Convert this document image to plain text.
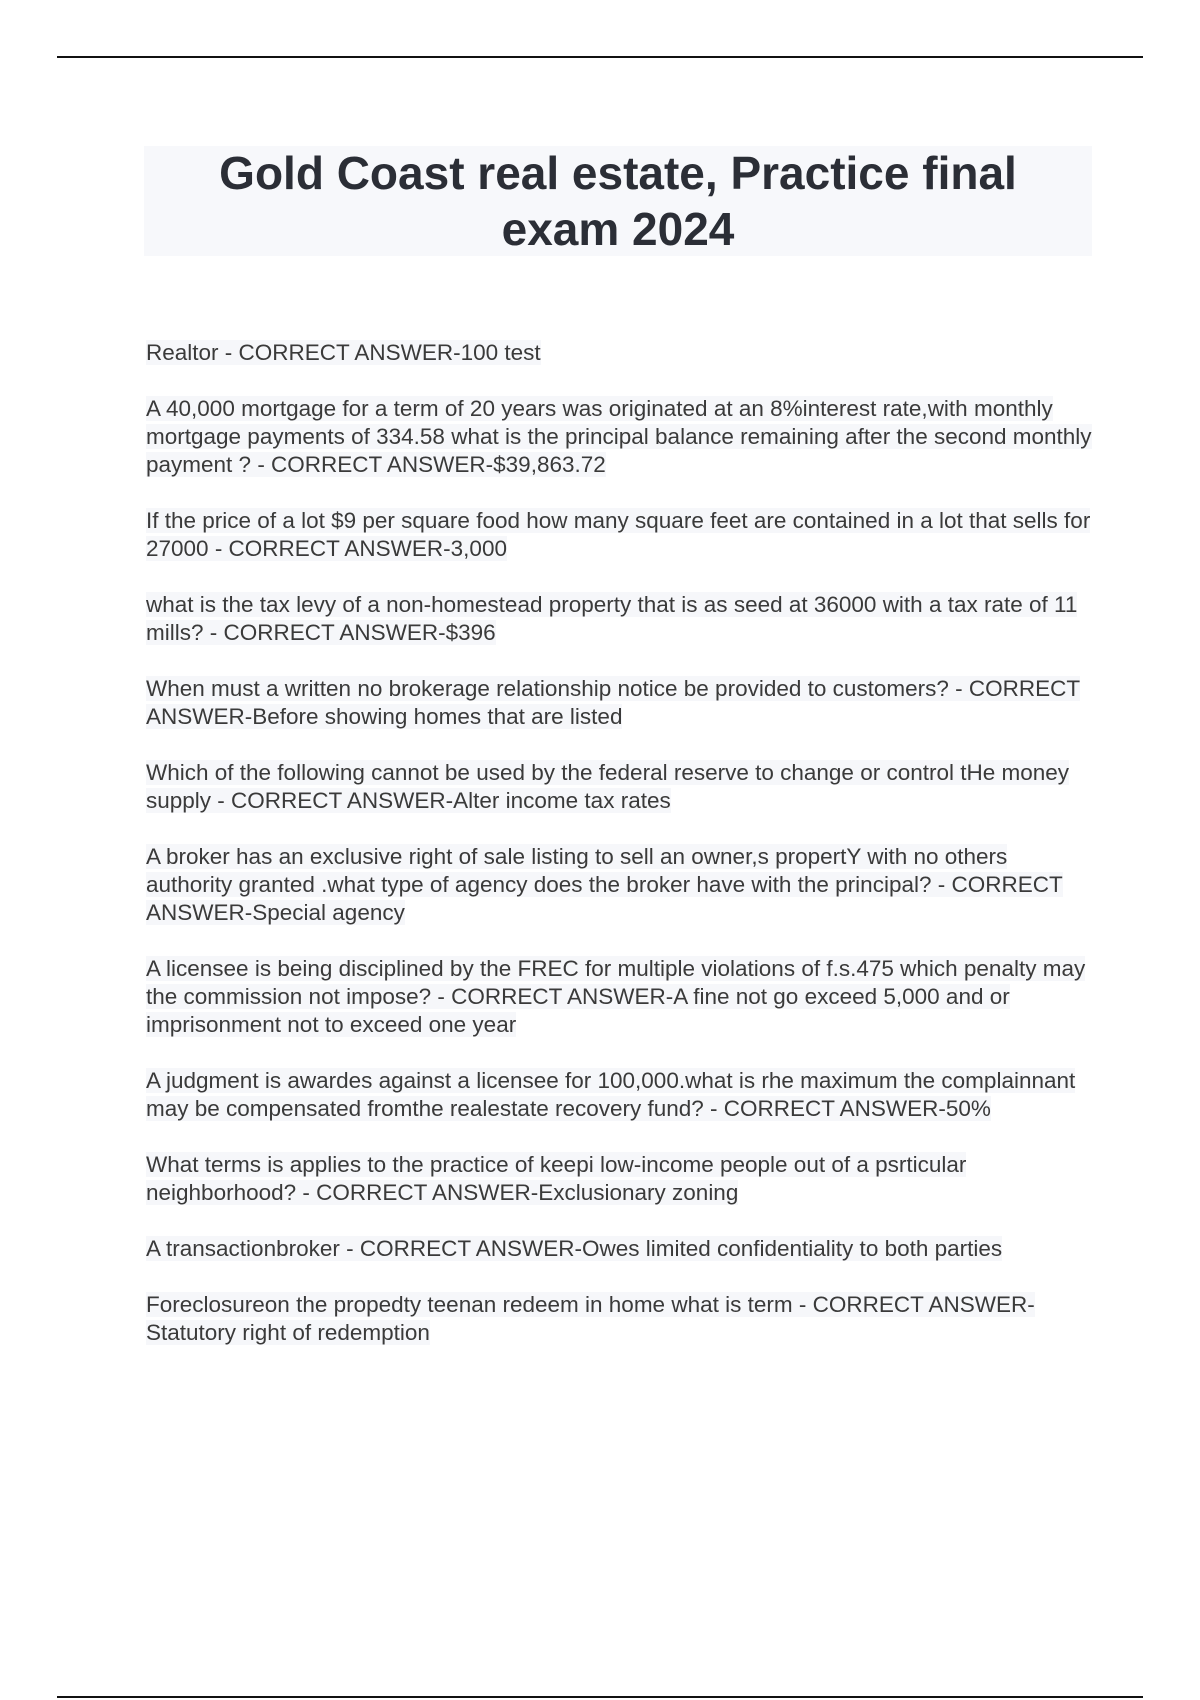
Gold Coast real estate, Practice final exam 2024

Realtor - CORRECT ANSWER-100 test

A 40,000 mortgage for a term of 20 years was originated at an 8%interest rate,with monthly mortgage payments of 334.58 what is the principal balance remaining after the second monthly payment ? - CORRECT ANSWER-$39,863.72

If the price of a lot $9 per square food how many square feet are contained in a lot that sells for 27000 - CORRECT ANSWER-3,000

what is the tax levy of a non-homestead property that is as seed at 36000 with a tax rate of 11 mills? - CORRECT ANSWER-$396

When must a written no brokerage relationship notice be provided to customers? - CORRECT ANSWER-Before showing homes that are listed

Which of the following cannot be used by the federal reserve to change or control tHe money supply - CORRECT ANSWER-Alter income tax rates

A broker has an exclusive right of sale listing to sell an owner,s propertY with no others authority granted .what type of agency does the broker have with the principal? - CORRECT ANSWER-Special agency

A licensee is being disciplined by the FREC for multiple violations of f.s.475 which penalty may the commission not impose? - CORRECT ANSWER-A fine not go exceed 5,000 and or imprisonment not to exceed one year

A judgment is awardes against a licensee for 100,000.what is rhe maximum the complainnant may be compensated fromthe realestate recovery fund? - CORRECT ANSWER-50%

What terms is applies to the practice of keepi low-income people out of a psrticular neighborhood? - CORRECT ANSWER-Exclusionary zoning

A transactionbroker - CORRECT ANSWER-Owes limited confidentiality to both parties

Foreclosureon the propedty teenan redeem in home what is term - CORRECT ANSWER-Statutory right of redemption
